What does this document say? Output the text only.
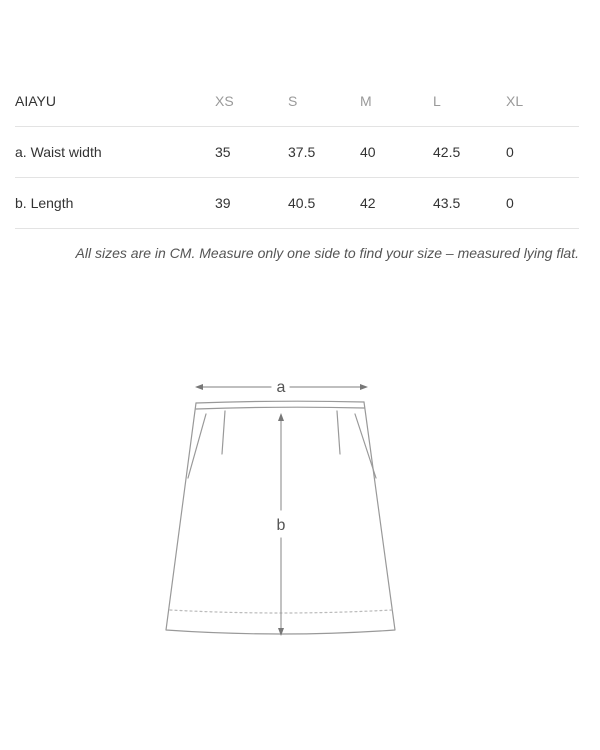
AIAYU	XS	S	M	L	XL
a. Waist width	35	37.5	40	42.5	0
b. Length	39	40.5	42	43.5	0
All sizes are in CM. Measure only one side to find your size – measured lying flat.
a
b
